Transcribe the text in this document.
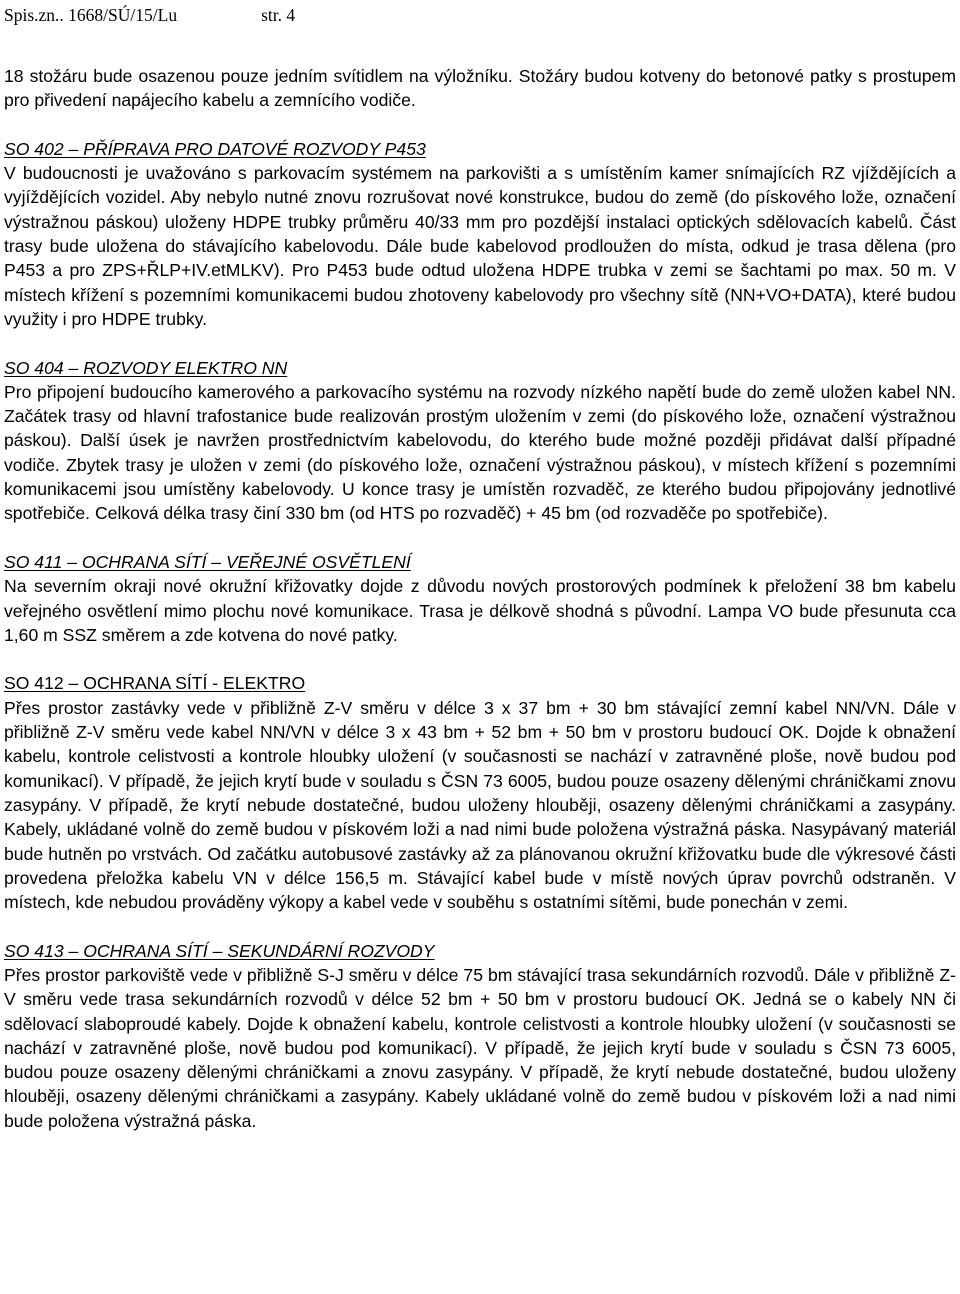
Spis.zn.. 1668/SÚ/15/Lu	str. 4

18 stožáru bude osazenou pouze jedním svítidlem na výložníku. Stožáry budou kotveny do betonové patky s prostupem pro přivedení napájecího kabelu a zemnícího vodiče.

SO 402 – PŘÍPRAVA PRO DATOVÉ ROZVODY P453

V budoucnosti je uvažováno s parkovacím systémem na parkovišti a s umístěním kamer snímajících RZ vjíždějících a vyjíždějících vozidel. Aby nebylo nutné znovu rozrušovat nové konstrukce, budou do země (do pískového lože, označení výstražnou páskou) uloženy HDPE trubky průměru 40/33 mm pro pozdější instalaci optických sdělovacích kabelů. Část trasy bude uložena do stávajícího kabelovodu. Dále bude kabelovod prodloužen do místa, odkud je trasa dělena (pro P453 a pro ZPS+ŘLP+IV.etMLKV). Pro P453 bude odtud uložena HDPE trubka v zemi se šachtami po max. 50 m. V místech křížení s pozemními komunikacemi budou zhotoveny kabelovody pro všechny sítě (NN+VO+DATA), které budou využity i pro HDPE trubky.

SO 404 – ROZVODY ELEKTRO NN

Pro připojení budoucího kamerového a parkovacího systému na rozvody nízkého napětí bude do země uložen kabel NN. Začátek trasy od hlavní trafostanice bude realizován prostým uložením v zemi (do pískového lože, označení výstražnou páskou). Další úsek je navržen prostřednictvím kabelovodu, do kterého bude možné později přidávat další případné vodiče. Zbytek trasy je uložen v zemi (do pískového lože, označení výstražnou páskou), v místech křížení s pozemními komunikacemi jsou umístěny kabelovody. U konce trasy je umístěn rozvaděč, ze kterého budou připojovány jednotlivé spotřebiče. Celková délka trasy činí 330 bm (od HTS po rozvaděč) + 45 bm (od rozvaděče po spotřebiče).

SO 411 – OCHRANA SÍTÍ – VEŘEJNÉ OSVĚTLENÍ

Na severním okraji nové okružní křižovatky dojde z důvodu nových prostorových podmínek k přeložení 38 bm kabelu veřejného osvětlení mimo plochu nové komunikace. Trasa je délkově shodná s původní. Lampa VO bude přesunuta cca 1,60 m SSZ směrem a zde kotvena do nové patky.

SO 412 – OCHRANA SÍTÍ - ELEKTRO

Přes prostor zastávky vede v přibližně Z-V směru v délce 3 x 37 bm + 30 bm stávající zemní kabel NN/VN. Dále v přibližně Z-V směru vede kabel NN/VN v délce 3 x 43 bm + 52 bm + 50 bm v prostoru budoucí OK. Dojde k obnažení kabelu, kontrole celistvosti a kontrole hloubky uložení (v současnosti se nachází v zatravněné ploše, nově budou pod komunikací). V případě, že jejich krytí bude v souladu s ČSN 73 6005, budou pouze osazeny dělenými chráničkami znovu zasypány. V případě, že krytí nebude dostatečné, budou uloženy hlouběji, osazeny dělenými chráničkami a zasypány. Kabely, ukládané volně do země budou v pískovém loži a nad nimi bude položena výstražná páska. Nasypávaný materiál bude hutněn po vrstvách. Od začátku autobusové zastávky až za plánovanou okružní křižovatku bude dle výkresové části provedena přeložka kabelu VN v délce 156,5 m. Stávající kabel bude v místě nových úprav povrchů odstraněn. V místech, kde nebudou prováděny výkopy a kabel vede v souběhu s ostatními sítěmi, bude ponechán v zemi.

SO 413 – OCHRANA SÍTÍ – SEKUNDÁRNÍ ROZVODY

Přes prostor parkoviště vede v přibližně S-J směru v délce 75 bm stávající trasa sekundárních rozvodů. Dále v přibližně Z-V směru vede trasa sekundárních rozvodů v délce 52 bm + 50 bm v prostoru budoucí OK. Jedná se o kabely NN či sdělovací slaboproudé kabely. Dojde k obnažení kabelu, kontrole celistvosti a kontrole hloubky uložení (v současnosti se nachází v zatravněné ploše, nově budou pod komunikací). V případě, že jejich krytí bude v souladu s ČSN 73 6005, budou pouze osazeny dělenými chráničkami a znovu zasypány. V případě, že krytí nebude dostatečné, budou uloženy hlouběji, osazeny dělenými chráničkami a zasypány. Kabely ukládané volně do země budou v pískovém loži a nad nimi bude položena výstražná páska.
